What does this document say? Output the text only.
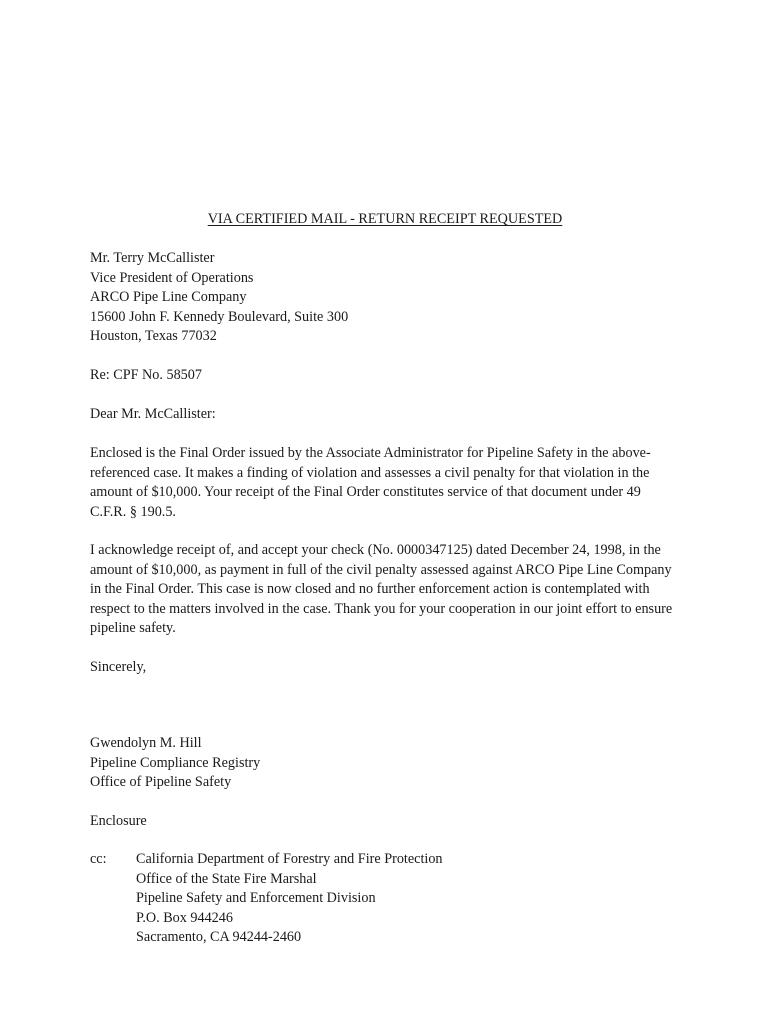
VIA CERTIFIED MAIL - RETURN RECEIPT REQUESTED
Mr. Terry McCallister
Vice President of Operations
ARCO Pipe Line Company
15600 John F. Kennedy Boulevard, Suite 300
Houston, Texas 77032
Re: CPF No. 58507
Dear Mr. McCallister:
Enclosed is the Final Order issued by the Associate Administrator for Pipeline Safety in the above-
referenced case. It makes a finding of violation and assesses a civil penalty for that violation in the
amount of $10,000. Your receipt of the Final Order constitutes service of that document under 49
C.F.R. § 190.5.
I acknowledge receipt of, and accept your check (No. 0000347125) dated December 24, 1998, in the
amount of $10,000, as payment in full of the civil penalty assessed against ARCO Pipe Line Company
in the Final Order. This case is now closed and no further enforcement action is contemplated with
respect to the matters involved in the case. Thank you for your cooperation in our joint effort to ensure
pipeline safety.
Sincerely,
Gwendolyn M. Hill
Pipeline Compliance Registry
Office of Pipeline Safety
Enclosure
cc: California Department of Forestry and Fire Protection
Office of the State Fire Marshal
Pipeline Safety and Enforcement Division
P.O. Box 944246
Sacramento, CA 94244-2460
